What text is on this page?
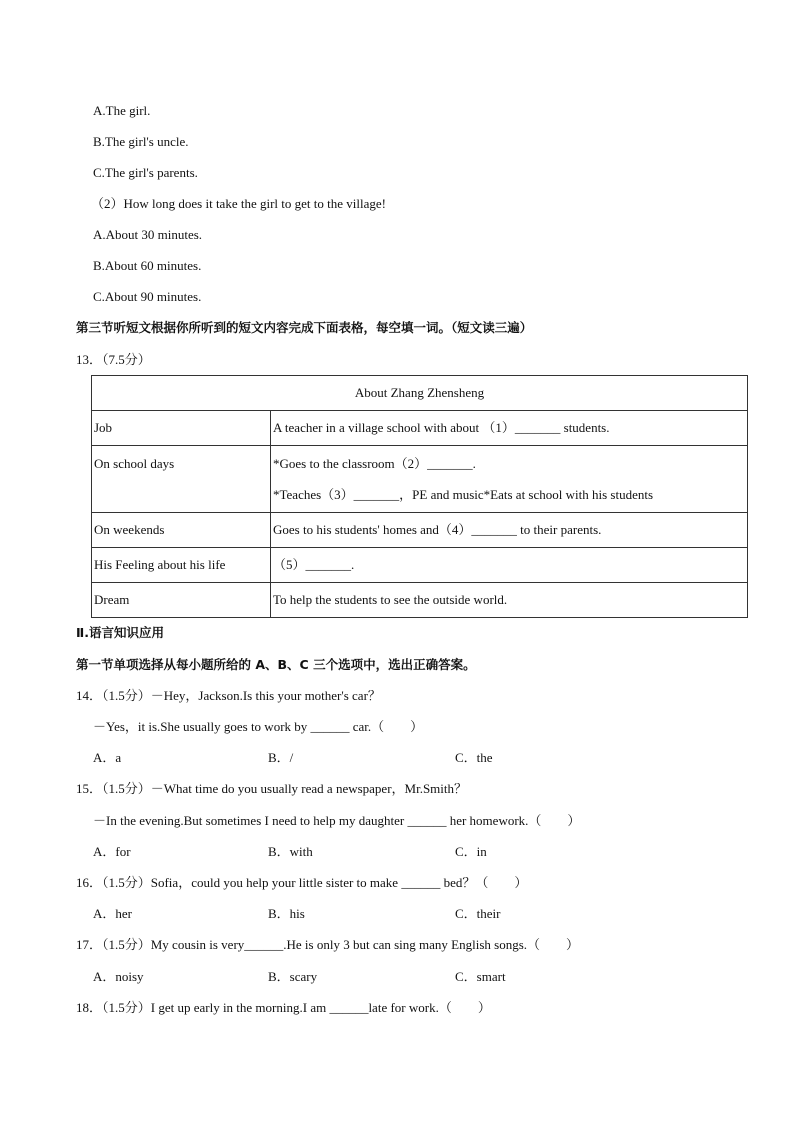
A.The girl.
B.The girl's uncle.
C.The girl's parents.
（2）How long does it take the girl to get to the village!
A.About 30 minutes.
B.About 60 minutes.
C.About 90 minutes.
第三节听短文根据你所听到的短文内容完成下面表格，每空填一词。（短文读三遍）
13．（7.5分）
About Zhang Zhensheng	
Job	A teacher in a village school with about （1）_______ students.
On school days	*Goes to the classroom（2）_______.
*Teaches（3）_______，PE and music*Eats at school with his students

On weekends	Goes to his students' homes and（4）_______ to their parents.
His Feeling about his life	（5）_______.
Dream	To help the students to see the outside world.
Ⅱ.语言知识应用
第一节单项选择从每小题所给的 A、B、C 三个选项中，选出正确答案。
14．（1.5分）－Hey，Jackson.Is this your mother's car？
－Yes，it is.She usually goes to work by ______ car.（　　）
A．a	B．/	C．the
15．（1.5分）－What time do you usually read a newspaper，Mr.Smith？
－In the evening.But sometimes I need to help my daughter ______ her homework.（　　）
A．for	B．with	C．in
16．（1.5分）Sofia，could you help your little sister to make ______ bed？（　　）
A．her	B．his	C．their
17．（1.5分）My cousin is very______.He is only 3 but can sing many English songs.（　　）
A．noisy	B．scary	C．smart
18．（1.5分）I get up early in the morning.I am ______late for work.（　　）
